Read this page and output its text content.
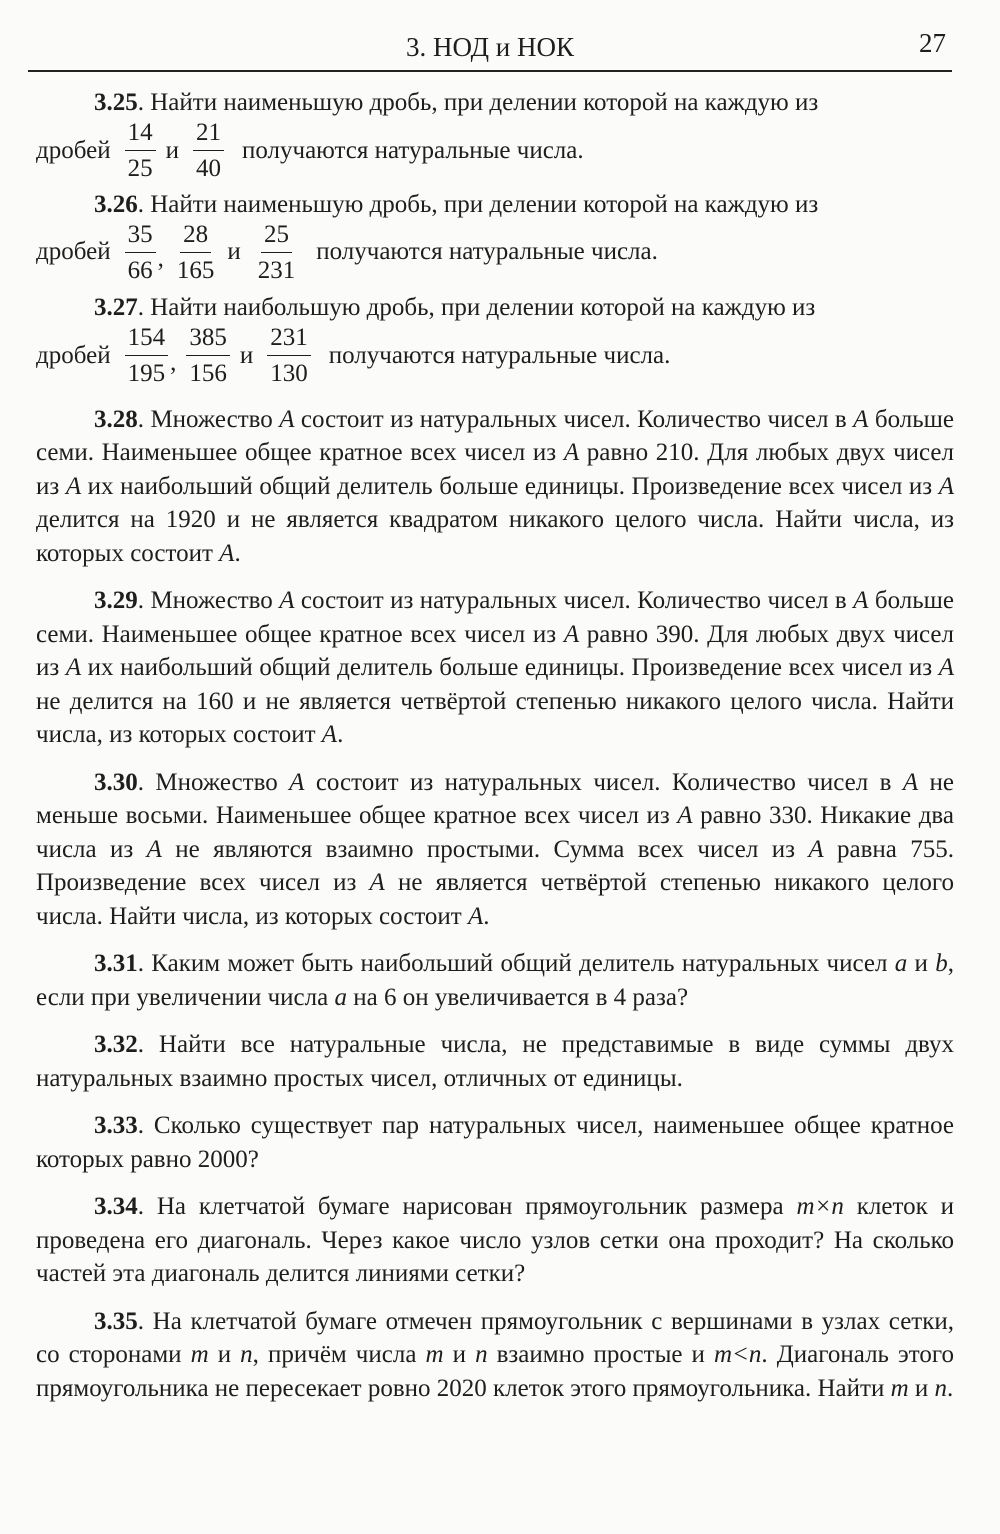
3. НОД и НОК	27
3.25. Найти наименьшую дробь, при делении которой на каждую из
дробей $\frac{14}{25}$ и $\frac{21}{40}$ получаются натуральные числа.
3.26. Найти наименьшую дробь, при делении которой на каждую из
дробей $\frac{35}{66}$ , $\frac{28}{165}$ и $\frac{25}{231}$ получаются натуральные числа.
3.27. Найти наибольшую дробь, при делении которой на каждую из
дробей $\frac{154}{195}$ , $\frac{385}{156}$ и $\frac{231}{130}$ получаются натуральные числа.
3.28. Множество A состоит из натуральных чисел. Количество чисел в A больше семи. Наименьшее общее кратное всех чисел из A равно 210. Для любых двух чисел из A их наибольший общий делитель больше единицы. Произведение всех чисел из A делится на 1920 и не является квадратом никакого целого числа. Найти числа, из которых состоит A.
3.29. Множество A состоит из натуральных чисел. Количество чисел в A больше семи. Наименьшее общее кратное всех чисел из A равно 390. Для любых двух чисел из A их наибольший общий делитель больше единицы. Произведение всех чисел из A не делится на 160 и не является четвёртой степенью никакого целого числа. Найти числа, из которых состоит A.
3.30. Множество A состоит из натуральных чисел. Количество чисел в A не меньше восьми. Наименьшее общее кратное всех чисел из A равно 330. Никакие два числа из A не являются взаимно простыми. Сумма всех чисел из A равна 755. Произведение всех чисел из A не является четвёртой степенью никакого целого числа. Найти числа, из которых состоит A.
3.31. Каким может быть наибольший общий делитель натуральных чисел a и b, если при увеличении числа a на 6 он увеличивается в 4 раза?
3.32. Найти все натуральные числа, не представимые в виде суммы двух натуральных взаимно простых чисел, отличных от единицы.
3.33. Сколько существует пар натуральных чисел, наименьшее общее кратное которых равно 2000?
3.34. На клетчатой бумаге нарисован прямоугольник размера m×n клеток и проведена его диагональ. Через какое число узлов сетки она проходит? На сколько частей эта диагональ делится линиями сетки?
3.35. На клетчатой бумаге отмечен прямоугольник с вершинами в узлах сетки, со сторонами m и n, причём числа m и n взаимно простые и m<n. Диагональ этого прямоугольника не пересекает ровно 2020 клеток этого прямоугольника. Найти m и n.
